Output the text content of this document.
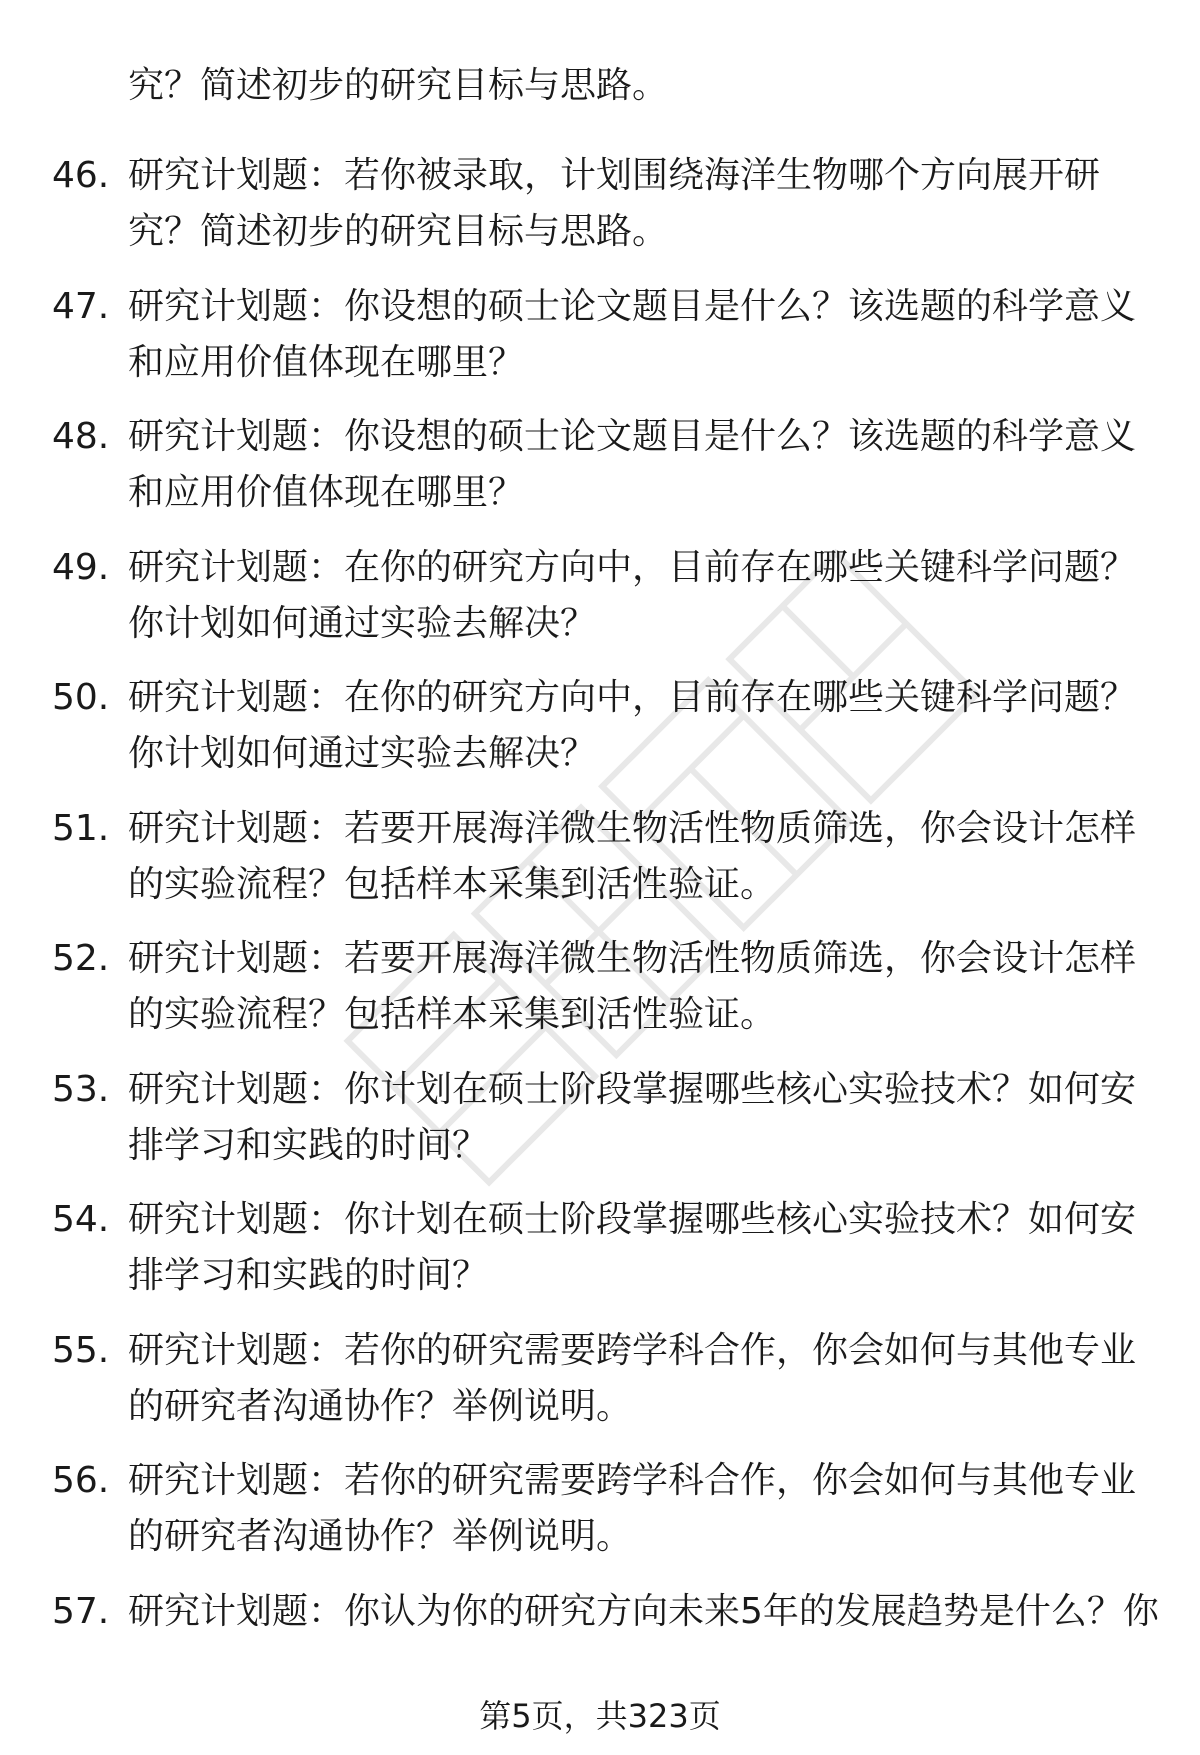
究？简述初步的研究目标与思路。
46. 研究计划题：若你被录取，计划围绕海洋生物哪个方向展开研
究？简述初步的研究目标与思路。
47. 研究计划题：你设想的硕士论文题目是什么？该选题的科学意义
和应用价值体现在哪里？
48. 研究计划题：你设想的硕士论文题目是什么？该选题的科学意义
和应用价值体现在哪里？
49. 研究计划题：在你的研究方向中，目前存在哪些关键科学问题？
你计划如何通过实验去解决？
50. 研究计划题：在你的研究方向中，目前存在哪些关键科学问题？
你计划如何通过实验去解决？
51. 研究计划题：若要开展海洋微生物活性物质筛选，你会设计怎样
的实验流程？包括样本采集到活性验证。
52. 研究计划题：若要开展海洋微生物活性物质筛选，你会设计怎样
的实验流程？包括样本采集到活性验证。
53. 研究计划题：你计划在硕士阶段掌握哪些核心实验技术？如何安
排学习和实践的时间？
54. 研究计划题：你计划在硕士阶段掌握哪些核心实验技术？如何安
排学习和实践的时间？
55. 研究计划题：若你的研究需要跨学科合作，你会如何与其他专业
的研究者沟通协作？举例说明。
56. 研究计划题：若你的研究需要跨学科合作，你会如何与其他专业
的研究者沟通协作？举例说明。
57. 研究计划题：你认为你的研究方向未来5年的发展趋势是什么？你
第5页，共323页
